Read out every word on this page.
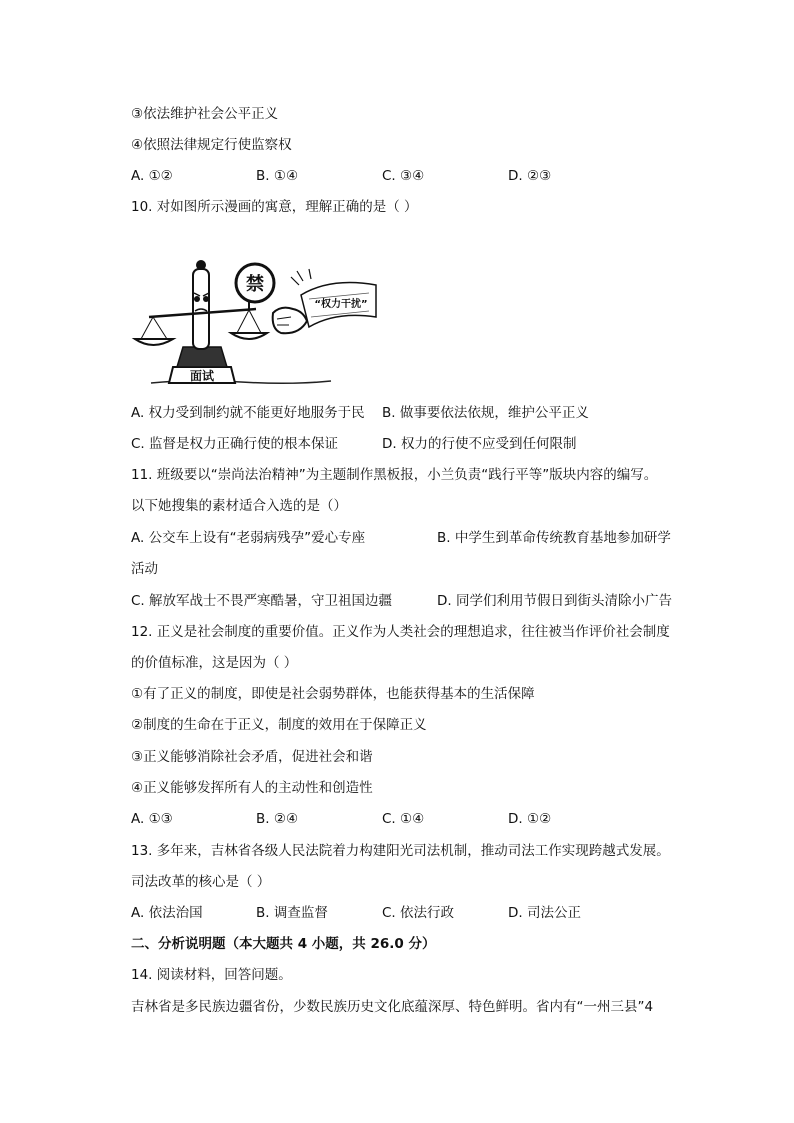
③依法维护社会公平正义
④依照法律规定行使监察权
A. ①②	B. ①④	C. ③④	D. ②③
10. 对如图所示漫画的寓意，理解正确的是（ ）
面试
禁
“权力干扰”
A. 权力受到制约就不能更好地服务于民 B. 做事要依法依规，维护公平正义
C. 监督是权力正确行使的根本保证	D. 权力的行使不应受到任何限制
11. 班级要以“崇尚法治精神”为主题制作黑板报，小兰负责“践行平等”版块内容的编写。
以下她搜集的素材适合入选的是（）
A. 公交车上设有“老弱病残孕”爱心专座	B. 中学生到革命传统教育基地参加研学
活动
C. 解放军战士不畏严寒酷暑，守卫祖国边疆	D. 同学们利用节假日到街头清除小广告
12. 正义是社会制度的重要价值。正义作为人类社会的理想追求，往往被当作评价社会制度
的价值标准，这是因为（ ）
①有了正义的制度，即使是社会弱势群体，也能获得基本的生活保障
②制度的生命在于正义，制度的效用在于保障正义
③正义能够消除社会矛盾，促进社会和谐
④正义能够发挥所有人的主动性和创造性
A. ①③	B. ②④	C. ①④	D. ①②
13. 多年来，吉林省各级人民法院着力构建阳光司法机制，推动司法工作实现跨越式发展。
司法改革的核心是（ ）
A. 依法治国	B. 调查监督	C. 依法行政	D. 司法公正
二、分析说明题（本大题共 4 小题，共 26.0 分）
14. 阅读材料，回答问题。
吉林省是多民族边疆省份，少数民族历史文化底蕴深厚、特色鲜明。省内有“一州三县”4
